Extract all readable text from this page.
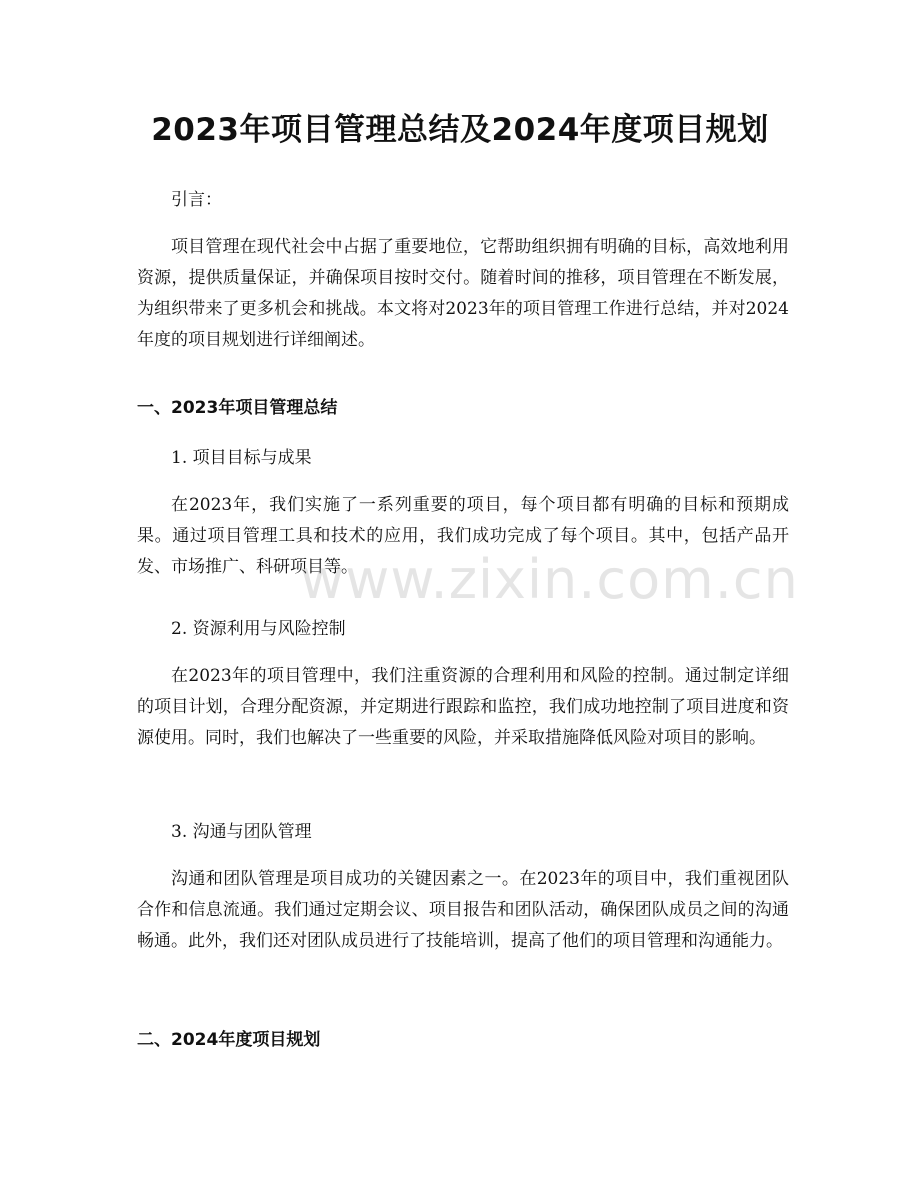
2023年项目管理总结及2024年度项目规划

引言：

项目管理在现代社会中占据了重要地位，它帮助组织拥有明确的目标，高效地利用资源，提供质量保证，并确保项目按时交付。随着时间的推移，项目管理在不断发展，为组织带来了更多机会和挑战。本文将对2023年的项目管理工作进行总结，并对2024年度的项目规划进行详细阐述。

一、2023年项目管理总结

1. 项目目标与成果

在2023年，我们实施了一系列重要的项目，每个项目都有明确的目标和预期成果。通过项目管理工具和技术的应用，我们成功完成了每个项目。其中，包括产品开发、市场推广、科研项目等。

2. 资源利用与风险控制

在2023年的项目管理中，我们注重资源的合理利用和风险的控制。通过制定详细的项目计划，合理分配资源，并定期进行跟踪和监控，我们成功地控制了项目进度和资源使用。同时，我们也解决了一些重要的风险，并采取措施降低风险对项目的影响。

3. 沟通与团队管理

沟通和团队管理是项目成功的关键因素之一。在2023年的项目中，我们重视团队合作和信息流通。我们通过定期会议、项目报告和团队活动，确保团队成员之间的沟通畅通。此外，我们还对团队成员进行了技能培训，提高了他们的项目管理和沟通能力。

二、2024年度项目规划
www.zixin.com.cn
